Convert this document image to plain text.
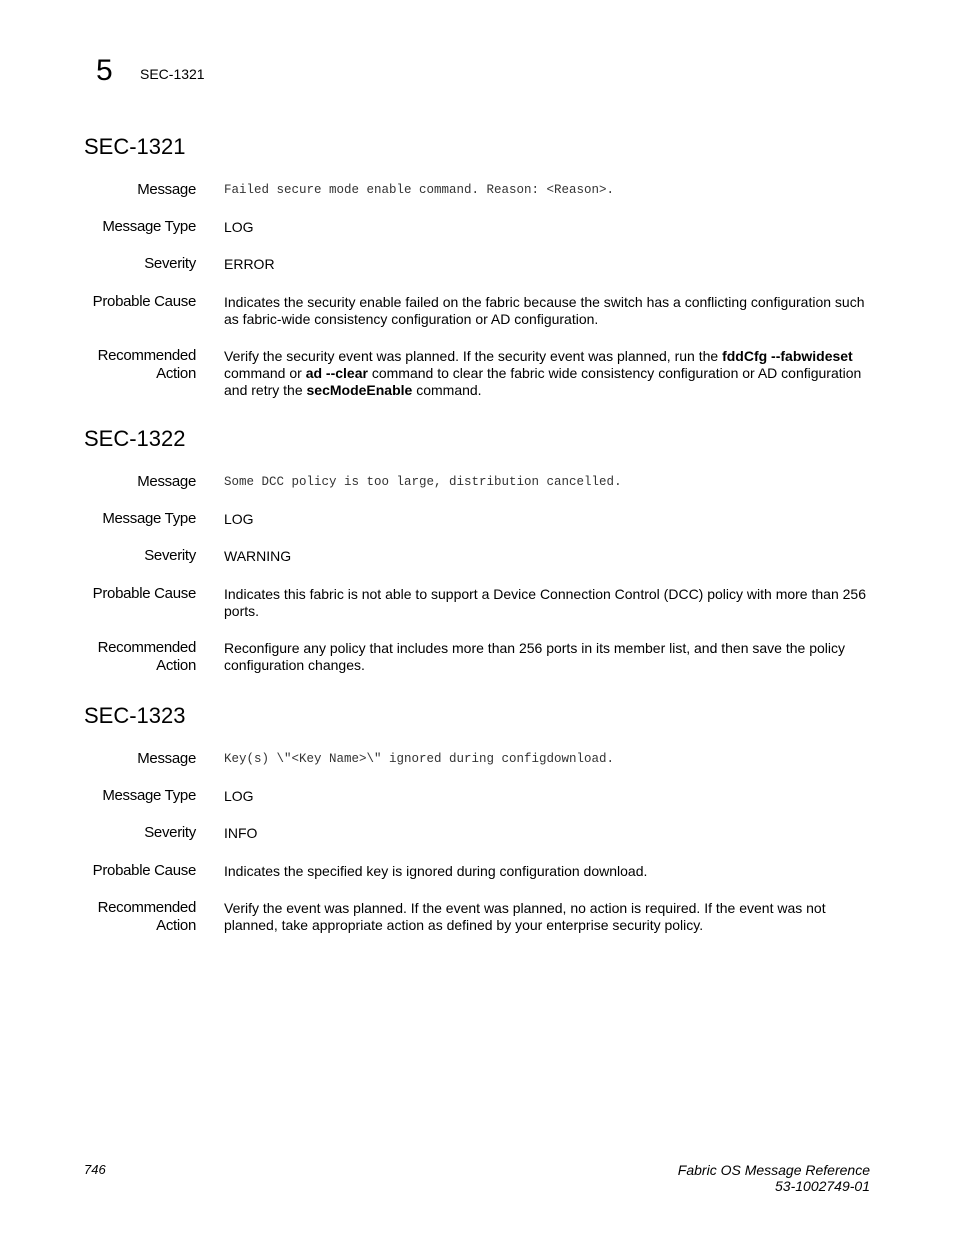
5 SEC-1321
SEC-1321
Message Failed secure mode enable command. Reason: <Reason>.
Message Type LOG
Severity ERROR
Probable Cause Indicates the security enable failed on the fabric because the switch has a conflicting configuration such as fabric-wide consistency configuration or AD configuration.
Recommended
Action
Verify the security event was planned. If the security event was planned, run the fddCfg --fabwideset command or ad --clear command to clear the fabric wide consistency configuration or AD configuration and retry the secModeEnable command.
SEC-1322
Message Some DCC policy is too large, distribution cancelled.
Message Type LOG
Severity WARNING
Probable Cause Indicates this fabric is not able to support a Device Connection Control (DCC) policy with more than 256 ports.
Recommended
Action
Reconfigure any policy that includes more than 256 ports in its member list, and then save the policy configuration changes.
SEC-1323
Message Key(s) \"<Key Name>\" ignored during configdownload.
Message Type LOG
Severity INFO
Probable Cause Indicates the specified key is ignored during configuration download.
Recommended
Action
Verify the event was planned. If the event was planned, no action is required. If the event was not planned, take appropriate action as defined by your enterprise security policy.
746	Fabric OS Message Reference
53-1002749-01
